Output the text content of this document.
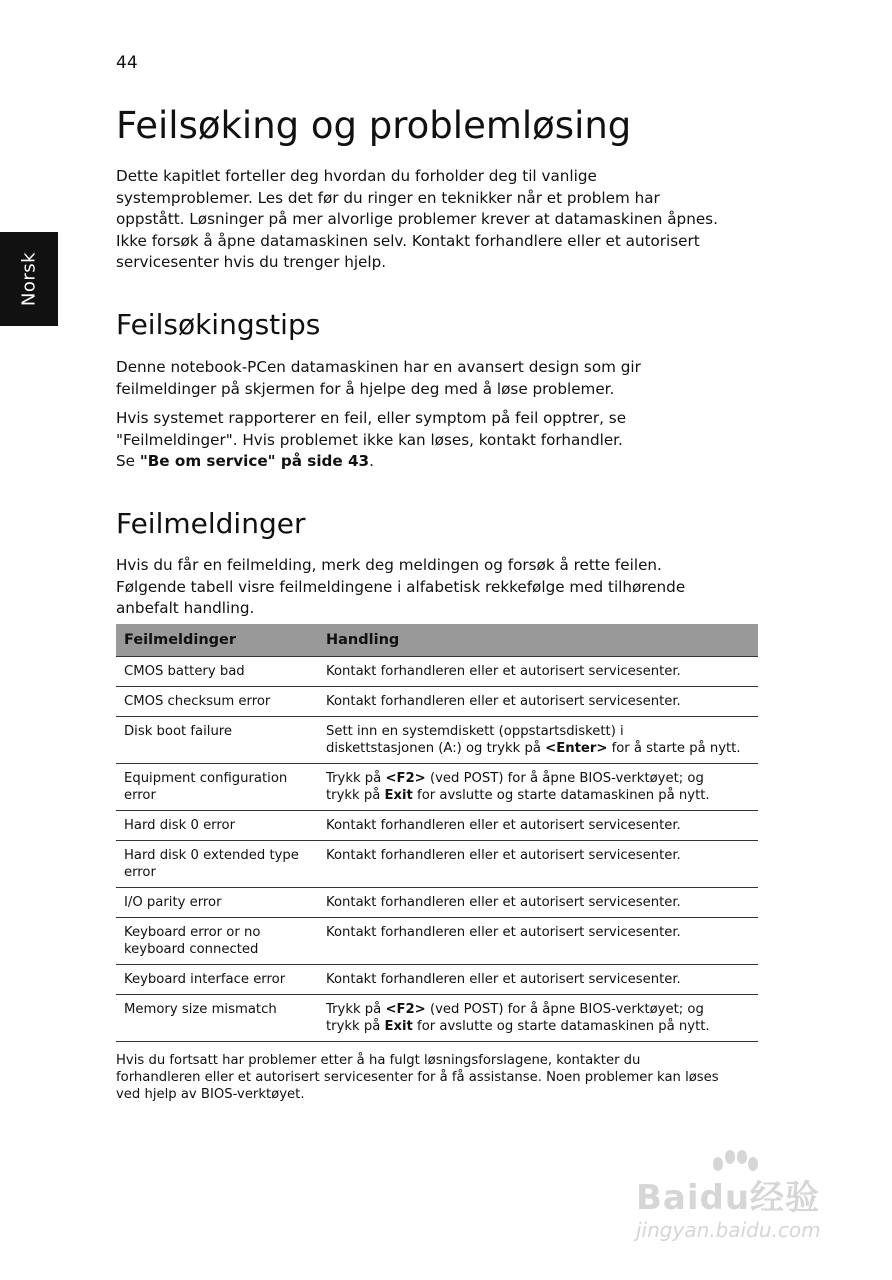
44
Norsk
Feilsøking og problemløsing

Dette kapitlet forteller deg hvordan du forholder deg til vanlige
systemproblemer. Les det før du ringer en teknikker når et problem har
oppstått. Løsninger på mer alvorlige problemer krever at datamaskinen åpnes.
Ikke forsøk å åpne datamaskinen selv. Kontakt forhandlere eller et autorisert
servicesenter hvis du trenger hjelp.

Feilsøkingstips

Denne notebook-PCen datamaskinen har en avansert design som gir
feilmeldinger på skjermen for å hjelpe deg med å løse problemer.

Hvis systemet rapporterer en feil, eller symptom på feil opptrer, se
"Feilmeldinger". Hvis problemet ikke kan løses, kontakt forhandler.
Se "Be om service" på side 43.

Feilmeldinger

Hvis du får en feilmelding, merk deg meldingen og forsøk å rette feilen.
Følgende tabell visre feilmeldingene i alfabetisk rekkefølge med tilhørende
anbefalt handling.

Feilmeldinger	Handling
CMOS battery bad	Kontakt forhandleren eller et autorisert servicesenter.
CMOS checksum error	Kontakt forhandleren eller et autorisert servicesenter.
Disk boot failure	Sett inn en systemdiskett (oppstartsdiskett) i
diskettstasjonen (A:) og trykk på <Enter> for å starte på nytt.
Equipment configuration
error	Trykk på <F2> (ved POST) for å åpne BIOS-verktøyet; og
trykk på Exit for avslutte og starte datamaskinen på nytt.
Hard disk 0 error	Kontakt forhandleren eller et autorisert servicesenter.
Hard disk 0 extended type
error	Kontakt forhandleren eller et autorisert servicesenter.
I/O parity error	Kontakt forhandleren eller et autorisert servicesenter.
Keyboard error or no
keyboard connected	Kontakt forhandleren eller et autorisert servicesenter.
Keyboard interface error	Kontakt forhandleren eller et autorisert servicesenter.
Memory size mismatch	Trykk på <F2> (ved POST) for å åpne BIOS-verktøyet; og
trykk på Exit for avslutte og starte datamaskinen på nytt.

Hvis du fortsatt har problemer etter å ha fulgt løsningsforslagene, kontakter du
forhandleren eller et autorisert servicesenter for å få assistanse. Noen problemer kan løses
ved hjelp av BIOS-verktøyet.

Baidu经验
jingyan.baidu.com
